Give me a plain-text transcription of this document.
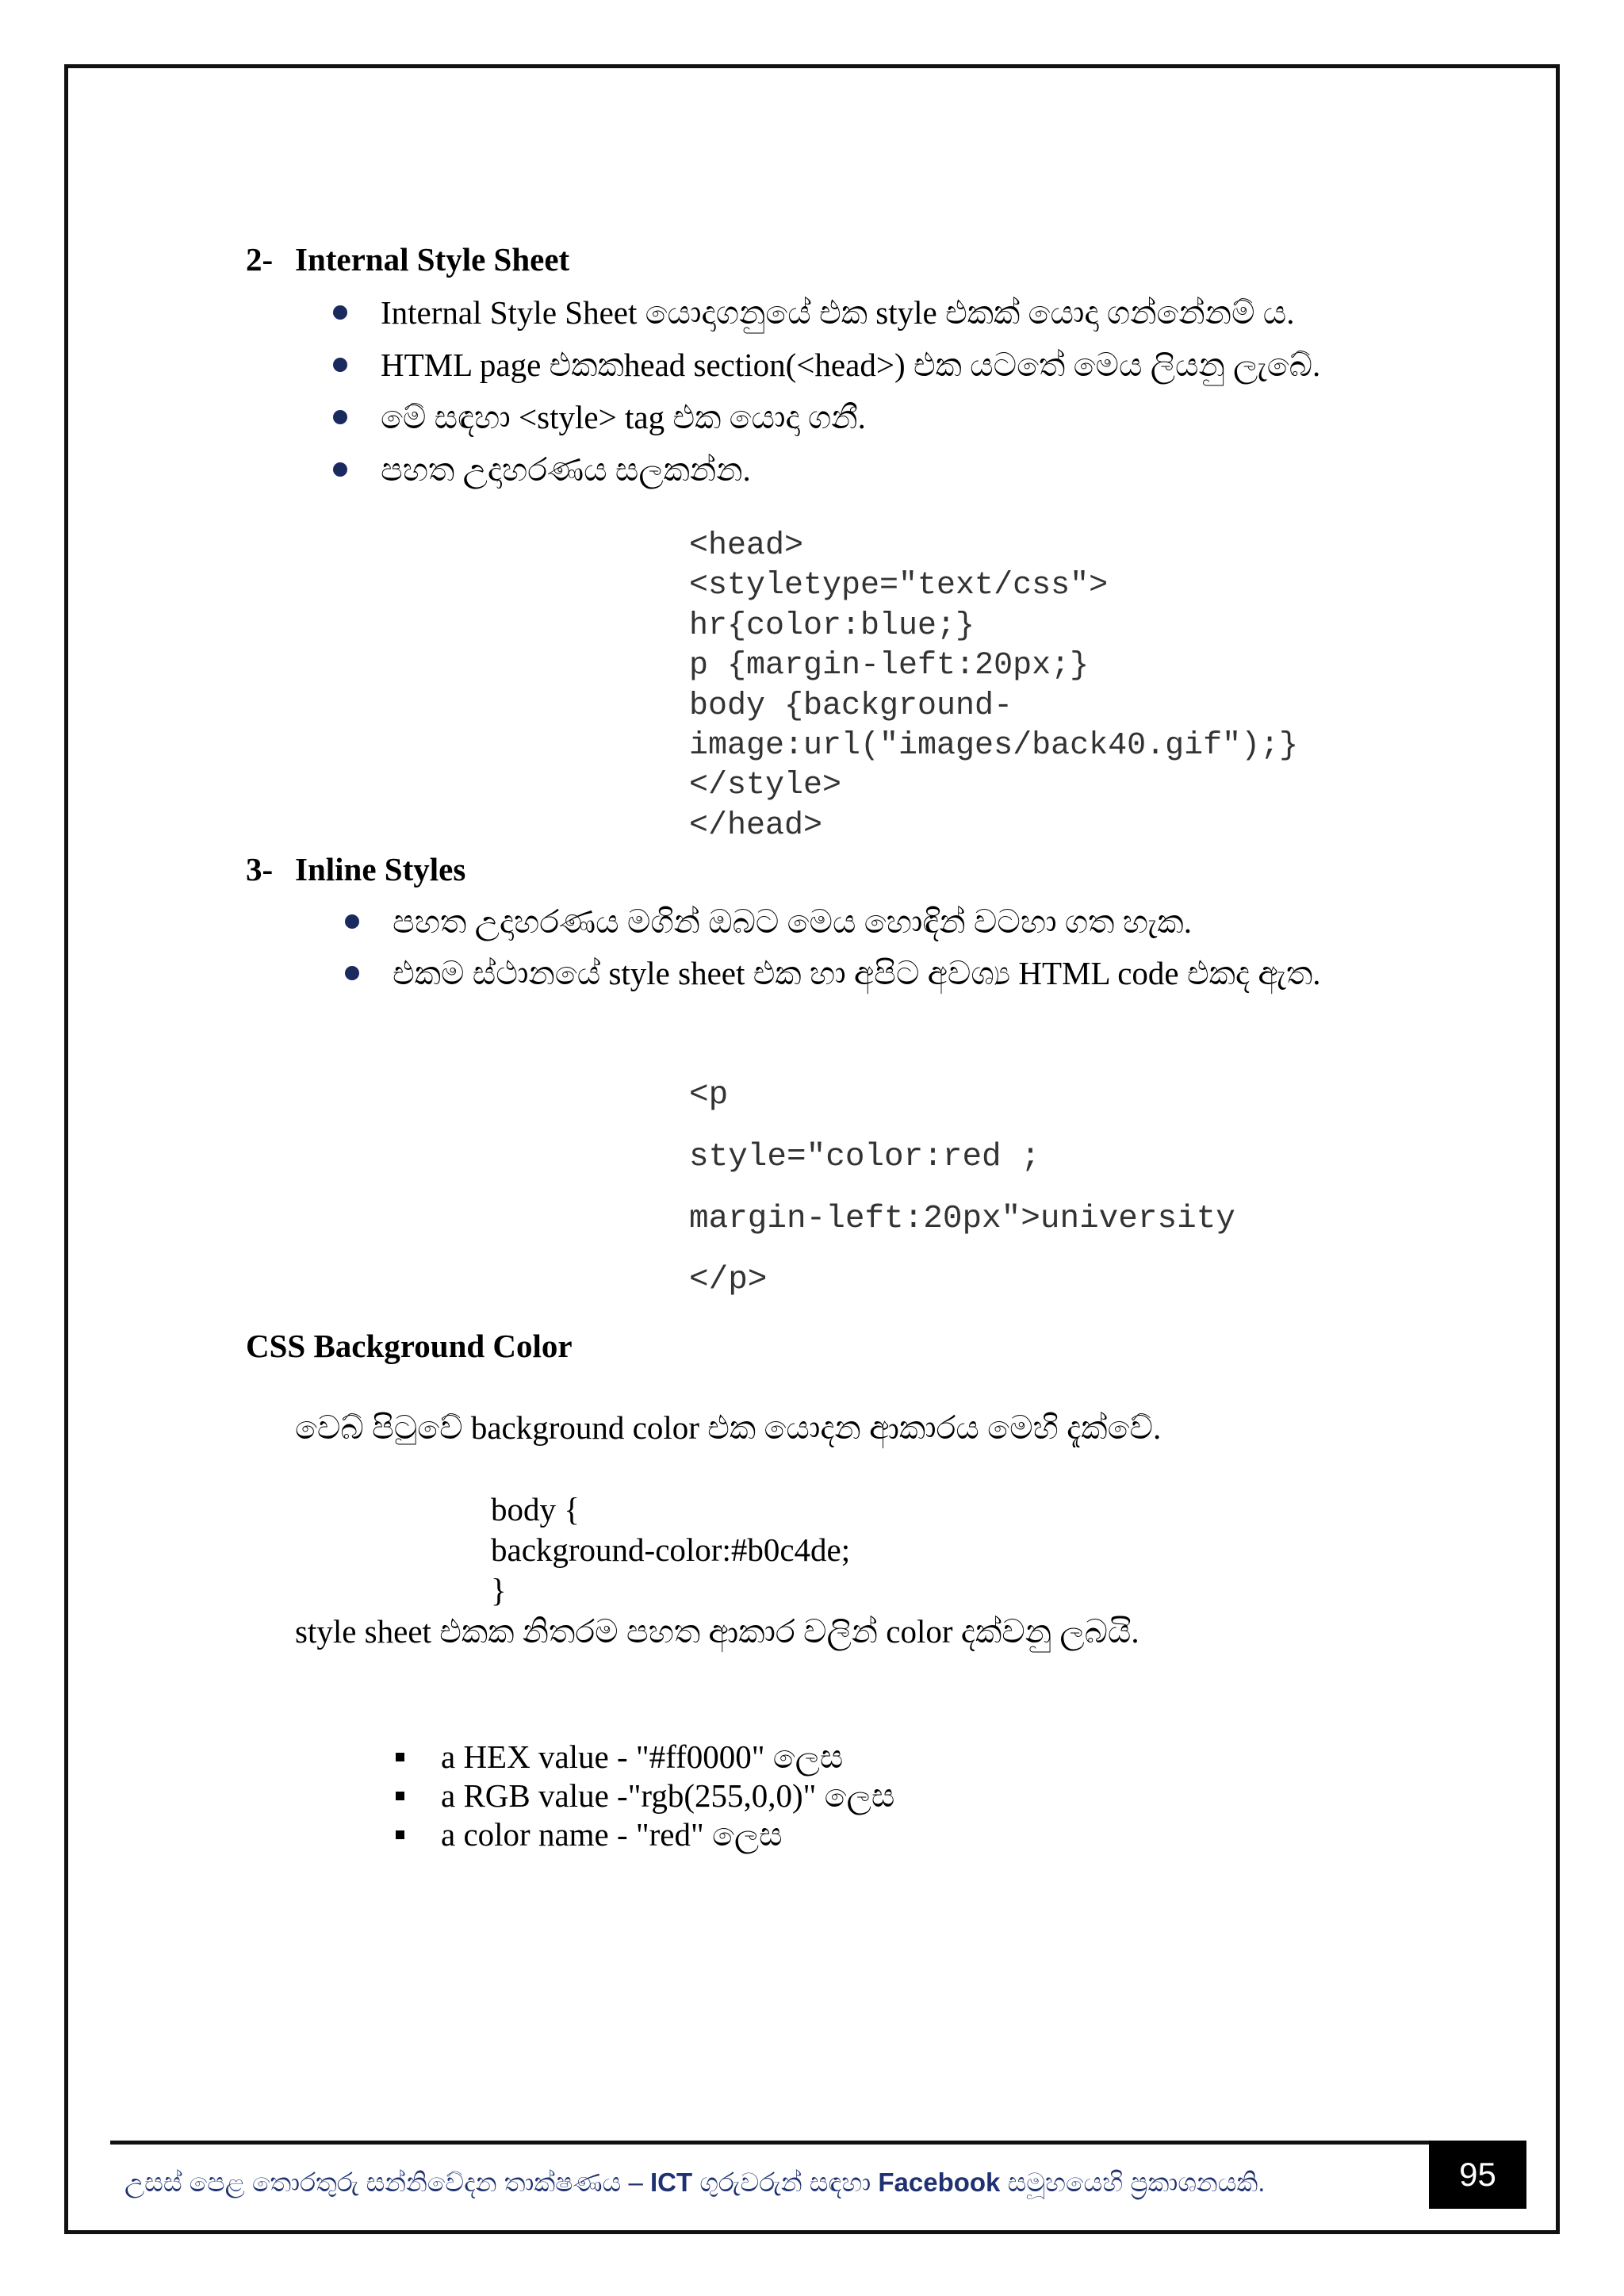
2- Internal Style Sheet
Internal Style Sheet යොදාගනුයේ එක style එකක් යොදා ගන්නේනම් ය.
HTML page එකකhead section(<head>) එක යටතේ මෙය ලියනු ලැබේ.
මේ සඳහා <style> tag එක යොදා ගනී.
පහත උදාහරණය සලකන්න.
<head>
<styletype="text/css">
hr{color:blue;}
p {margin-left:20px;}
body {background-
image:url("images/back40.gif");}
</style>
</head>
3- Inline Styles
පහත උදාහරණය මගින් ඔබට මෙය හොඳින් වටහා ගත හැක.
එකම ස්ථානයේ style sheet එක හා අපිට අවශ්‍ය HTML code එකද ඇත.
<p
style="color:red ;
margin-left:20px">university
</p>
CSS Background Color
වෙබ් පිටුවේ background color එක යොදන ආකාරය මෙහි දැක්වේ.
body {
background-color:#b0c4de;
}
style sheet එකක නිතරම පහත ආකාර වලින් color දක්වනු ලබයි.
a HEX value - "#ff0000" ලෙස
a RGB value -"rgb(255,0,0)" ලෙස
a color name - "red" ලෙස
උසස් පෙළ තොරතුරු සන්නිවේදන තාක්ෂණය – ICT ගුරුවරුන් සඳහා Facebook සමූහයෙහි ප්‍රකාශනයකි.	95
